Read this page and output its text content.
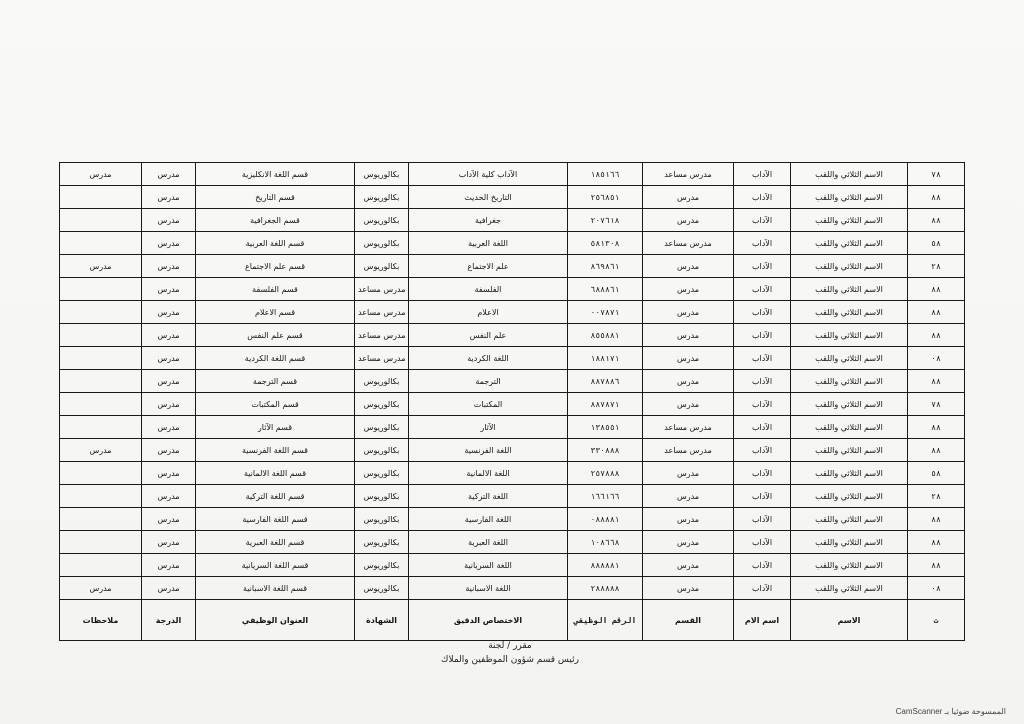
مدرس	مدرس	قسم اللغة الانكليزية	بكالوريوس	الآداب كلية الآداب	١٨٥١٦٦	مدرس مساعد	الآداب	الاسم الثلاثي واللقب	٧٨
	مدرس	قسم التاريخ	بكالوريوس	التاريخ الحديث	٢٥٦٨٥١	مدرس	الآداب	الاسم الثلاثي واللقب	٨٨
	مدرس	قسم الجغرافية	بكالوريوس	جغرافية	٢٠٧٦١٨	مدرس	الآداب	الاسم الثلاثي واللقب	٨٨
	مدرس	قسم اللغة العربية	بكالوريوس	اللغة العربية	٥٨١٣٠٨	مدرس مساعد	الآداب	الاسم الثلاثي واللقب	٥٨
مدرس	مدرس	قسم علم الاجتماع	بكالوريوس	علم الاجتماع	٨٦٩٨٦١	مدرس	الآداب	الاسم الثلاثي واللقب	٢٨
	مدرس	قسم الفلسفة	مدرس مساعد	الفلسفة	٦٨٨٨٦١	مدرس	الآداب	الاسم الثلاثي واللقب	٨٨
	مدرس	قسم الاعلام	مدرس مساعد	الاعلام	٠٠٧٨٧١	مدرس	الآداب	الاسم الثلاثي واللقب	٨٨
	مدرس	قسم علم النفس	مدرس مساعد	علم النفس	٨٥٥٨٨١	مدرس	الآداب	الاسم الثلاثي واللقب	٨٨
	مدرس	قسم اللغة الكردية	مدرس مساعد	اللغة الكردية	١٨٨١٧١	مدرس	الآداب	الاسم الثلاثي واللقب	٠٨
	مدرس	قسم الترجمة	بكالوريوس	الترجمة	٨٨٧٨٨٦	مدرس	الآداب	الاسم الثلاثي واللقب	٨٨
	مدرس	قسم المكتبات	بكالوريوس	المكتبات	٨٨٧٨٧١	مدرس	الآداب	الاسم الثلاثي واللقب	٧٨
	مدرس	قسم الآثار	بكالوريوس	الآثار	١٣٨٥٥١	مدرس مساعد	الآداب	الاسم الثلاثي واللقب	٨٨
مدرس	مدرس	قسم اللغة الفرنسية	بكالوريوس	اللغة الفرنسية	٣٣٠٨٨٨	مدرس مساعد	الآداب	الاسم الثلاثي واللقب	٨٨
	مدرس	قسم اللغة الالمانية	بكالوريوس	اللغة الالمانية	٢٥٧٨٨٨	مدرس	الآداب	الاسم الثلاثي واللقب	٥٨
	مدرس	قسم اللغة التركية	بكالوريوس	اللغة التركية	١٦٦١٦٦	مدرس	الآداب	الاسم الثلاثي واللقب	٢٨
	مدرس	قسم اللغة الفارسية	بكالوريوس	اللغة الفارسية	٠٨٨٨٨١	مدرس	الآداب	الاسم الثلاثي واللقب	٨٨
	مدرس	قسم اللغة العبرية	بكالوريوس	اللغة العبرية	١٠٨٦٦٨	مدرس	الآداب	الاسم الثلاثي واللقب	٨٨
	مدرس	قسم اللغة السريانية	بكالوريوس	اللغة السريانية	٨٨٨٨٨١	مدرس	الآداب	الاسم الثلاثي واللقب	٨٨
مدرس	مدرس	قسم اللغة الاسبانية	بكالوريوس	اللغة الاسبانية	٢٨٨٨٨٨	مدرس	الآداب	الاسم الثلاثي واللقب	٠٨
ملاحظات	الدرجة	العنوان الوظيفي	الشهادة	الاختصاص الدقيق	الرقم الوظيفي	القسم	اسم الام	الاسم	ت
مقرر / لجنة
رئيس قسم شؤون الموظفين والملاك
CamScanner الممسوحة ضوئيا بـ
